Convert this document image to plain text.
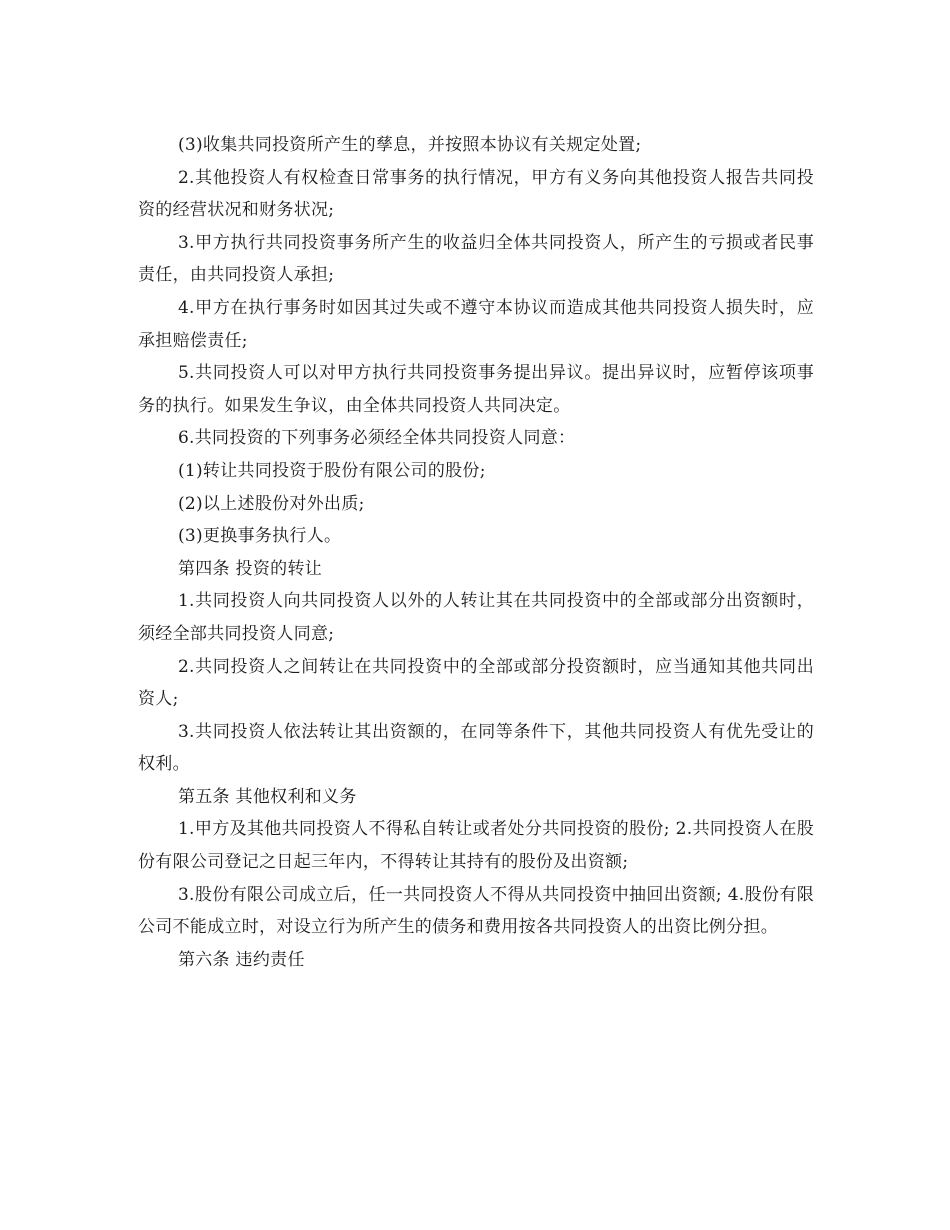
(3)收集共同投资所产生的孳息，并按照本协议有关规定处置;

2.其他投资人有权检查日常事务的执行情况，甲方有义务向其他投资人报告共同投资的经营状况和财务状况;

3.甲方执行共同投资事务所产生的收益归全体共同投资人，所产生的亏损或者民事责任，由共同投资人承担;

4.甲方在执行事务时如因其过失或不遵守本协议而造成其他共同投资人损失时，应承担赔偿责任;

5.共同投资人可以对甲方执行共同投资事务提出异议。提出异议时，应暂停该项事务的执行。如果发生争议，由全体共同投资人共同决定。

6.共同投资的下列事务必须经全体共同投资人同意：

(1)转让共同投资于股份有限公司的股份;

(2)以上述股份对外出质;

(3)更换事务执行人。

第四条 投资的转让

1.共同投资人向共同投资人以外的人转让其在共同投资中的全部或部分出资额时，须经全部共同投资人同意;

2.共同投资人之间转让在共同投资中的全部或部分投资额时，应当通知其他共同出资人;

3.共同投资人依法转让其出资额的，在同等条件下，其他共同投资人有优先受让的权利。

第五条 其他权利和义务

1.甲方及其他共同投资人不得私自转让或者处分共同投资的股份; 2.共同投资人在股份有限公司登记之日起三年内，不得转让其持有的股份及出资额;

3.股份有限公司成立后，任一共同投资人不得从共同投资中抽回出资额; 4.股份有限公司不能成立时，对设立行为所产生的债务和费用按各共同投资人的出资比例分担。

第六条 违约责任
